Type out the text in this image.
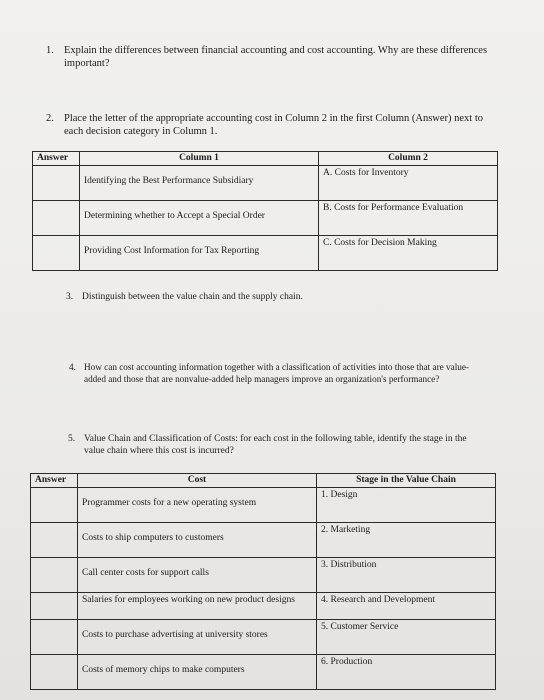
1. Explain the differences between financial accounting and cost accounting. Why are these differences important?
2. Place the letter of the appropriate accounting cost in Column 2 in the first Column (Answer) next to each decision category in Column 1.
Answer	Column 1	Column 2
	Identifying the Best Performance Subsidiary	A. Costs for Inventory
	Determining whether to Accept a Special Order	B. Costs for Performance Evaluation
	Providing Cost Information for Tax Reporting	C. Costs for Decision Making
3. Distinguish between the value chain and the supply chain.
4. How can cost accounting information together with a classification of activities into those that are value-added and those that are nonvalue-added help managers improve an organization's performance?
5. Value Chain and Classification of Costs: for each cost in the following table, identify the stage in the value chain where this cost is incurred?
Answer	Cost	Stage in the Value Chain
	Programmer costs for a new operating system	1. Design
	Costs to ship computers to customers	2. Marketing
	Call center costs for support calls	3. Distribution
	Salaries for employees working on new product designs	4. Research and Development
	Costs to purchase advertising at university stores	5. Customer Service
	Costs of memory chips to make computers	6. Production
